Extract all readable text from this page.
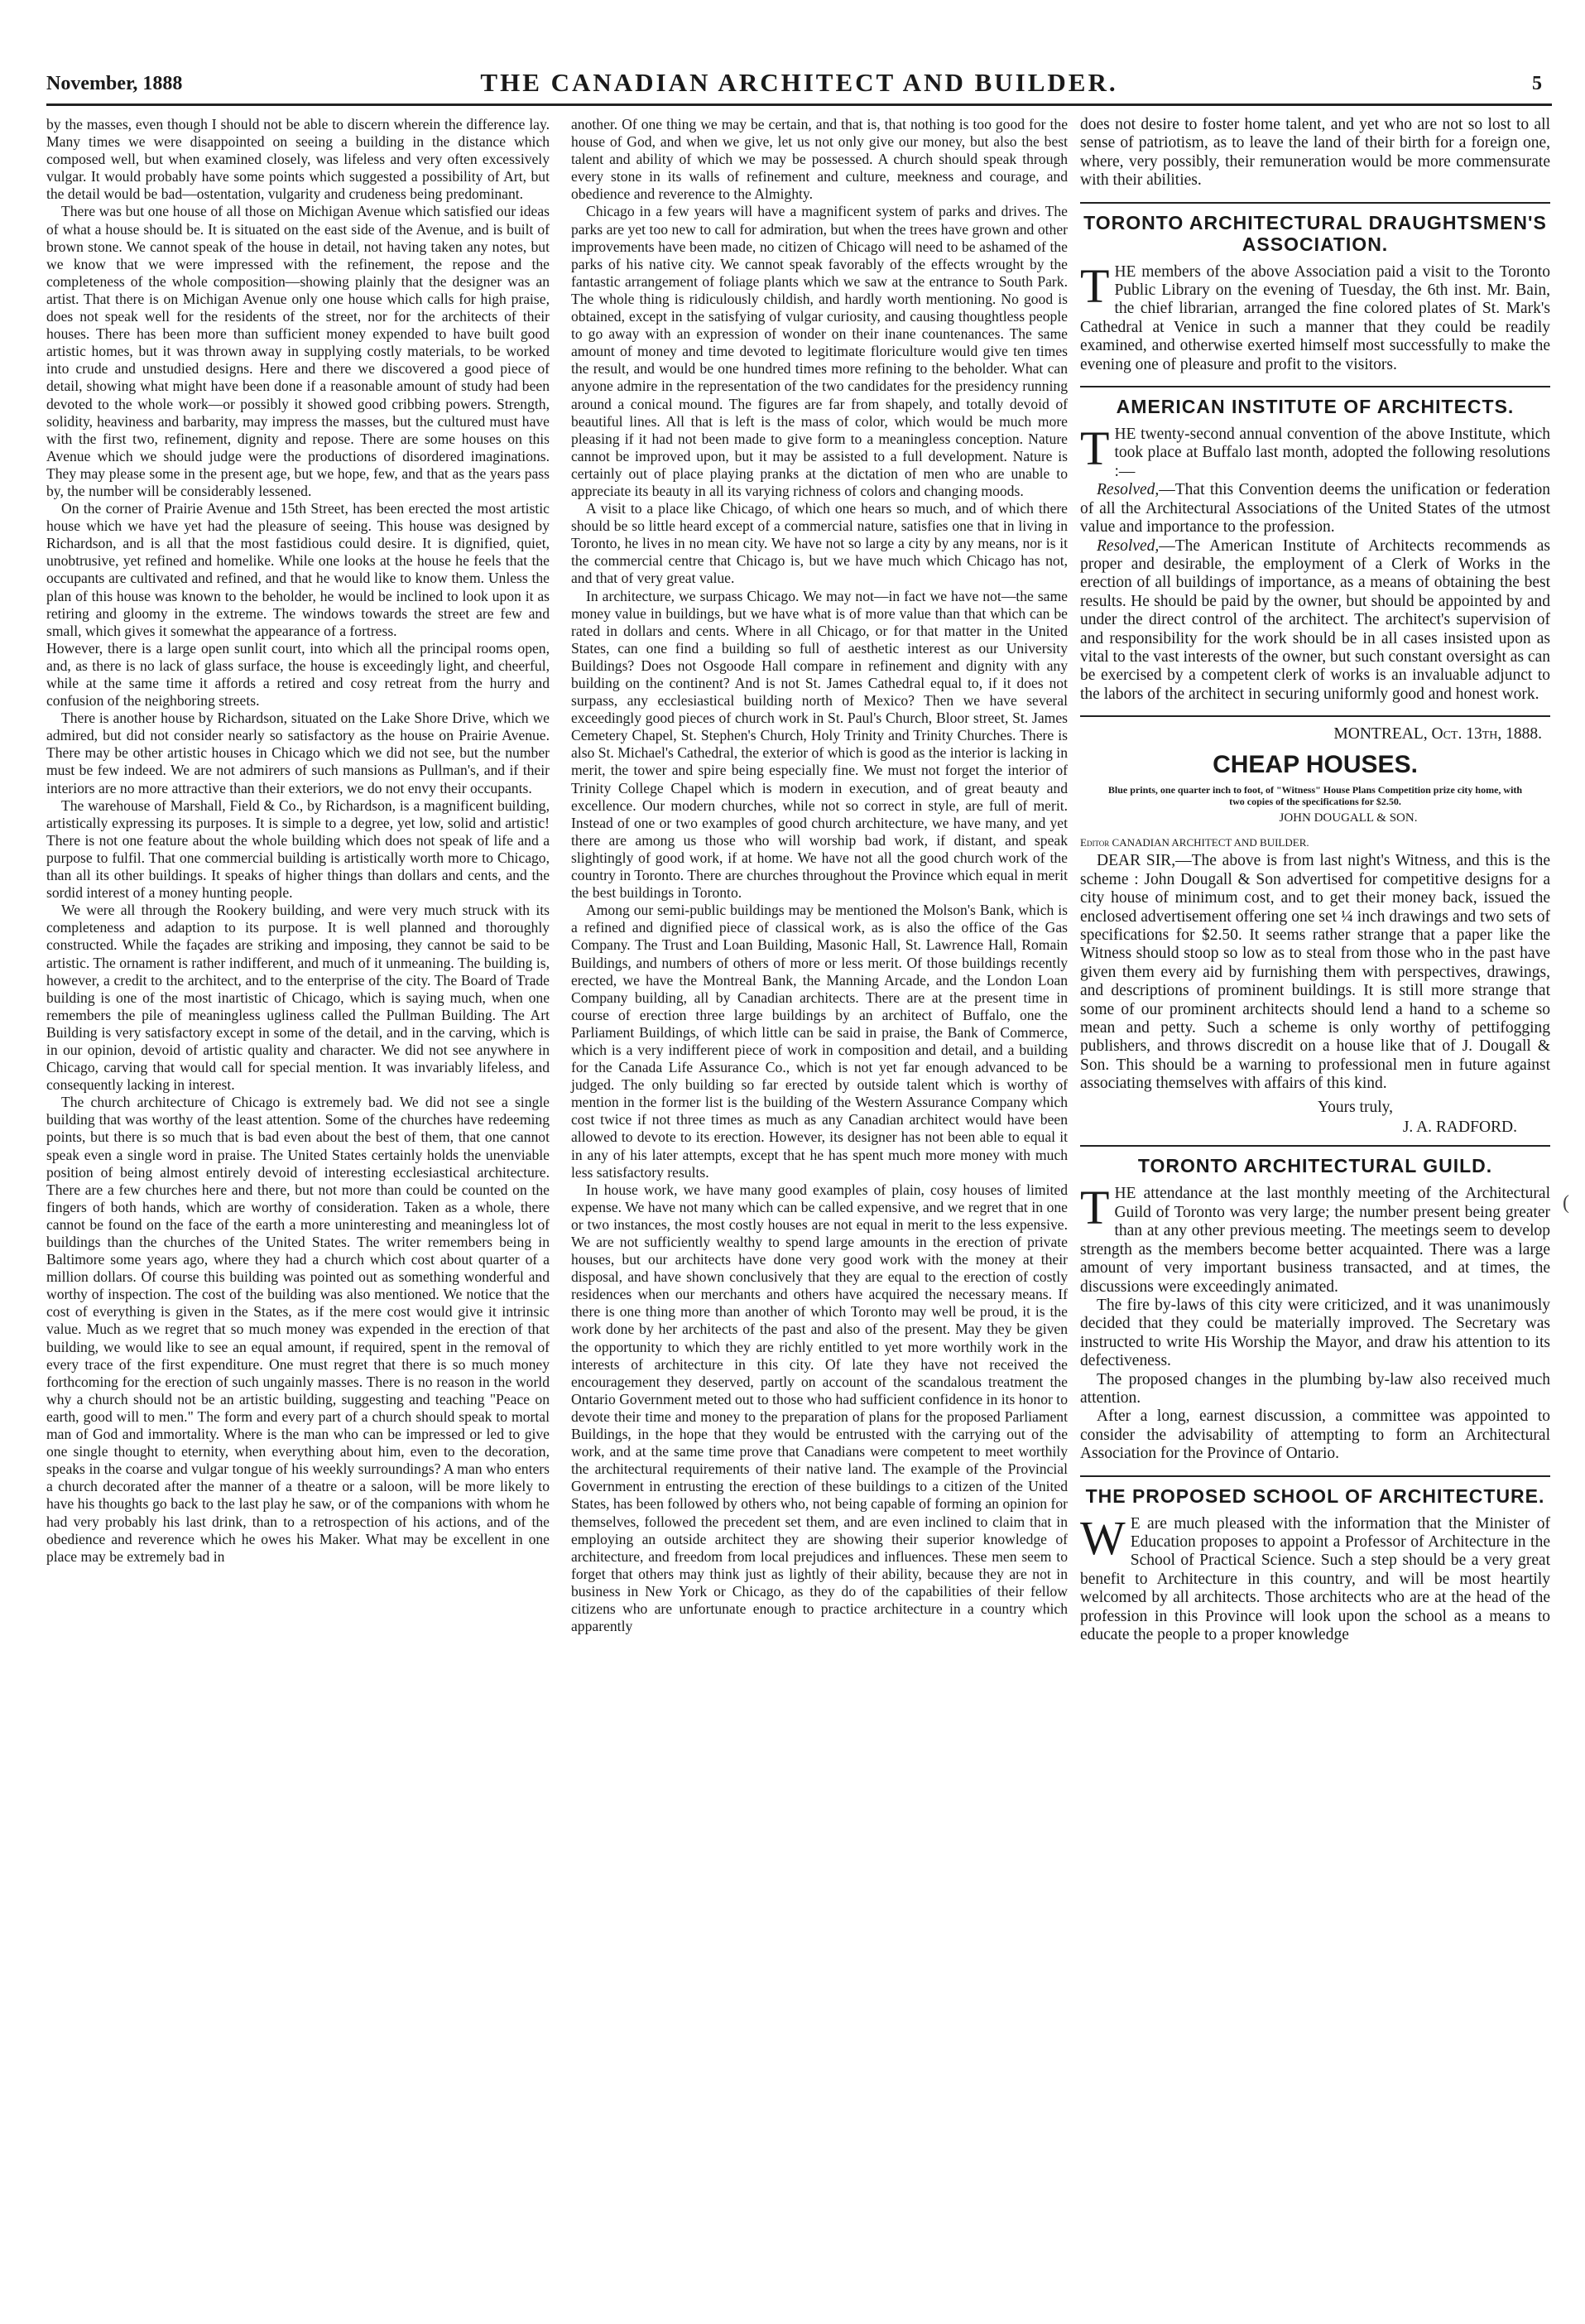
November, 1888	THE CANADIAN ARCHITECT AND BUILDER.	5

by the masses, even though I should not be able to discern wherein the difference lay. Many times we were disappointed on seeing a building in the distance which composed well, but when examined closely, was lifeless and very often excessively vulgar. It would probably have some points which suggested a possibility of Art, but the detail would be bad—ostentation, vulgarity and crudeness being predominant.

There was but one house of all those on Michigan Avenue which satisfied our ideas of what a house should be. It is situated on the east side of the Avenue, and is built of brown stone. We cannot speak of the house in detail, not having taken any notes, but we know that we were impressed with the refinement, the repose and the completeness of the whole composition—showing plainly that the designer was an artist. That there is on Michigan Avenue only one house which calls for high praise, does not speak well for the residents of the street, nor for the architects of their houses. There has been more than sufficient money expended to have built good artistic homes, but it was thrown away in supplying costly materials, to be worked into crude and unstudied designs. Here and there we discovered a good piece of detail, showing what might have been done if a reasonable amount of study had been devoted to the whole work—or possibly it showed good cribbing powers. Strength, solidity, heaviness and barbarity, may impress the masses, but the cultured must have with the first two, refinement, dignity and repose. There are some houses on this Avenue which we should judge were the productions of disordered imaginations. They may please some in the present age, but we hope, few, and that as the years pass by, the number will be considerably lessened.

On the corner of Prairie Avenue and 15th Street, has been erected the most artistic house which we have yet had the pleasure of seeing. This house was designed by Richardson, and is all that the most fastidious could desire. It is dignified, quiet, unobtrusive, yet refined and homelike. While one looks at the house he feels that the occupants are cultivated and refined, and that he would like to know them. Unless the plan of this house was known to the beholder, he would be inclined to look upon it as retiring and gloomy in the extreme. The windows towards the street are few and small, which gives it somewhat the appearance of a fortress.

However, there is a large open sunlit court, into which all the principal rooms open, and, as there is no lack of glass surface, the house is exceedingly light, and cheerful, while at the same time it affords a retired and cosy retreat from the hurry and confusion of the neighboring streets.

There is another house by Richardson, situated on the Lake Shore Drive, which we admired, but did not consider nearly so satisfactory as the house on Prairie Avenue. There may be other artistic houses in Chicago which we did not see, but the number must be few indeed. We are not admirers of such mansions as Pullman's, and if their interiors are no more attractive than their exteriors, we do not envy their occupants.

The warehouse of Marshall, Field & Co., by Richardson, is a magnificent building, artistically expressing its purposes. It is simple to a degree, yet low, solid and artistic! There is not one feature about the whole building which does not speak of life and a purpose to fulfil. That one commercial building is artistically worth more to Chicago, than all its other buildings. It speaks of higher things than dollars and cents, and the sordid interest of a money hunting people.

We were all through the Rookery building, and were very much struck with its completeness and adaption to its purpose. It is well planned and thoroughly constructed. While the façades are striking and imposing, they cannot be said to be artistic. The ornament is rather indifferent, and much of it unmeaning. The building is, however, a credit to the architect, and to the enterprise of the city. The Board of Trade building is one of the most inartistic of Chicago, which is saying much, when one remembers the pile of meaningless ugliness called the Pullman Building. The Art Building is very satisfactory except in some of the detail, and in the carving, which is in our opinion, devoid of artistic quality and character. We did not see anywhere in Chicago, carving that would call for special mention. It was invariably lifeless, and consequently lacking in interest.

The church architecture of Chicago is extremely bad. We did not see a single building that was worthy of the least attention. Some of the churches have redeeming points, but there is so much that is bad even about the best of them, that one cannot speak even a single word in praise. The United States certainly holds the unenviable position of being almost entirely devoid of interesting ecclesiastical architecture. There are a few churches here and there, but not more than could be counted on the fingers of both hands, which are worthy of consideration. Taken as a whole, there cannot be found on the face of the earth a more uninteresting and meaningless lot of buildings than the churches of the United States. The writer remembers being in Baltimore some years ago, where they had a church which cost about quarter of a million dollars. Of course this building was pointed out as something wonderful and worthy of inspection. The cost of the building was also mentioned. We notice that the cost of everything is given in the States, as if the mere cost would give it intrinsic value. Much as we regret that so much money was expended in the erection of that building, we would like to see an equal amount, if required, spent in the removal of every trace of the first expenditure. One must regret that there is so much money forthcoming for the erection of such ungainly masses. There is no reason in the world why a church should not be an artistic building, suggesting and teaching "Peace on earth, good will to men." The form and every part of a church should speak to mortal man of God and immortality. Where is the man who can be impressed or led to give one single thought to eternity, when everything about him, even to the decoration, speaks in the coarse and vulgar tongue of his weekly surroundings? A man who enters a church decorated after the manner of a theatre or a saloon, will be more likely to have his thoughts go back to the last play he saw, or of the companions with whom he had very probably his last drink, than to a retrospection of his actions, and of the obedience and reverence which he owes his Maker. What may be excellent in one place may be extremely bad in

another. Of one thing we may be certain, and that is, that nothing is too good for the house of God, and when we give, let us not only give our money, but also the best talent and ability of which we may be possessed. A church should speak through every stone in its walls of refinement and culture, meekness and courage, and obedience and reverence to the Almighty.

Chicago in a few years will have a magnificent system of parks and drives. The parks are yet too new to call for admiration, but when the trees have grown and other improvements have been made, no citizen of Chicago will need to be ashamed of the parks of his native city. We cannot speak favorably of the effects wrought by the fantastic arrangement of foliage plants which we saw at the entrance to South Park. The whole thing is ridiculously childish, and hardly worth mentioning. No good is obtained, except in the satisfying of vulgar curiosity, and causing thoughtless people to go away with an expression of wonder on their inane countenances. The same amount of money and time devoted to legitimate floriculture would give ten times the result, and would be one hundred times more refining to the beholder. What can anyone admire in the representation of the two candidates for the presidency running around a conical mound. The figures are far from shapely, and totally devoid of beautiful lines. All that is left is the mass of color, which would be much more pleasing if it had not been made to give form to a meaningless conception. Nature cannot be improved upon, but it may be assisted to a full development. Nature is certainly out of place playing pranks at the dictation of men who are unable to appreciate its beauty in all its varying richness of colors and changing moods.

A visit to a place like Chicago, of which one hears so much, and of which there should be so little heard except of a commercial nature, satisfies one that in living in Toronto, he lives in no mean city. We have not so large a city by any means, nor is it the commercial centre that Chicago is, but we have much which Chicago has not, and that of very great value.

In architecture, we surpass Chicago. We may not—in fact we have not—the same money value in buildings, but we have what is of more value than that which can be rated in dollars and cents. Where in all Chicago, or for that matter in the United States, can one find a building so full of aesthetic interest as our University Buildings? Does not Osgoode Hall compare in refinement and dignity with any building on the continent? And is not St. James Cathedral equal to, if it does not surpass, any ecclesiastical building north of Mexico? Then we have several exceedingly good pieces of church work in St. Paul's Church, Bloor street, St. James Cemetery Chapel, St. Stephen's Church, Holy Trinity and Trinity Churches. There is also St. Michael's Cathedral, the exterior of which is good as the interior is lacking in merit, the tower and spire being especially fine. We must not forget the interior of Trinity College Chapel which is modern in execution, and of great beauty and excellence. Our modern churches, while not so correct in style, are full of merit. Instead of one or two examples of good church architecture, we have many, and yet there are among us those who will worship bad work, if distant, and speak slightingly of good work, if at home. We have not all the good church work of the country in Toronto. There are churches throughout the Province which equal in merit the best buildings in Toronto.

Among our semi-public buildings may be mentioned the Molson's Bank, which is a refined and dignified piece of classical work, as is also the office of the Gas Company. The Trust and Loan Building, Masonic Hall, St. Lawrence Hall, Romain Buildings, and numbers of others of more or less merit. Of those buildings recently erected, we have the Montreal Bank, the Manning Arcade, and the London Loan Company building, all by Canadian architects. There are at the present time in course of erection three large buildings by an architect of Buffalo, one the Parliament Buildings, of which little can be said in praise, the Bank of Commerce, which is a very indifferent piece of work in composition and detail, and a building for the Canada Life Assurance Co., which is not yet far enough advanced to be judged. The only building so far erected by outside talent which is worthy of mention in the former list is the building of the Western Assurance Company which cost twice if not three times as much as any Canadian architect would have been allowed to devote to its erection. However, its designer has not been able to equal it in any of his later attempts, except that he has spent much more money with much less satisfactory results.

In house work, we have many good examples of plain, cosy houses of limited expense. We have not many which can be called expensive, and we regret that in one or two instances, the most costly houses are not equal in merit to the less expensive. We are not sufficiently wealthy to spend large amounts in the erection of private houses, but our architects have done very good work with the money at their disposal, and have shown conclusively that they are equal to the erection of costly residences when our merchants and others have acquired the necessary means. If there is one thing more than another of which Toronto may well be proud, it is the work done by her architects of the past and also of the present. May they be given the opportunity to which they are richly entitled to yet more worthily work in the interests of architecture in this city. Of late they have not received the encouragement they deserved, partly on account of the scandalous treatment the Ontario Government meted out to those who had sufficient confidence in its honor to devote their time and money to the preparation of plans for the proposed Parliament Buildings, in the hope that they would be entrusted with the carrying out of the work, and at the same time prove that Canadians were competent to meet worthily the architectural requirements of their native land. The example of the Provincial Government in entrusting the erection of these buildings to a citizen of the United States, has been followed by others who, not being capable of forming an opinion for themselves, followed the precedent set them, and are even inclined to claim that in employing an outside architect they are showing their superior knowledge of architecture, and freedom from local prejudices and influences. These men seem to forget that others may think just as lightly of their ability, because they are not in business in New York or Chicago, as they do of the capabilities of their fellow citizens who are unfortunate enough to practice architecture in a country which apparently

does not desire to foster home talent, and yet who are not so lost to all sense of patriotism, as to leave the land of their birth for a foreign one, where, very possibly, their remuneration would be more commensurate with their abilities.

TORONTO ARCHITECTURAL DRAUGHTSMEN'S ASSOCIATION.

THE members of the above Association paid a visit to the Toronto Public Library on the evening of Tuesday, the 6th inst. Mr. Bain, the chief librarian, arranged the fine colored plates of St. Mark's Cathedral at Venice in such a manner that they could be readily examined, and otherwise exerted himself most successfully to make the evening one of pleasure and profit to the visitors.

AMERICAN INSTITUTE OF ARCHITECTS.

THE twenty-second annual convention of the above Institute, which took place at Buffalo last month, adopted the following resolutions :—

Resolved,—That this Convention deems the unification or federation of all the Architectural Associations of the United States of the utmost value and importance to the profession.

Resolved,—The American Institute of Architects recommends as proper and desirable, the employment of a Clerk of Works in the erection of all buildings of importance, as a means of obtaining the best results. He should be paid by the owner, but should be appointed by and under the direct control of the architect. The architect's supervision of and responsibility for the work should be in all cases insisted upon as vital to the vast interests of the owner, but such constant oversight as can be exercised by a competent clerk of works is an invaluable adjunct to the labors of the architect in securing uniformly good and honest work.

MONTREAL, Oct. 13th, 1888.
CHEAP HOUSES.
Blue prints, one quarter inch to foot, of "Witness" House Plans Competition prize city home, with two copies of the specifications for $2.50.
JOHN DOUGALL & SON.

Editor CANADIAN ARCHITECT AND BUILDER.

DEAR SIR,—The above is from last night's Witness, and this is the scheme : John Dougall & Son advertised for competitive designs for a city house of minimum cost, and to get their money back, issued the enclosed advertisement offering one set ¼ inch drawings and two sets of specifications for $2.50. It seems rather strange that a paper like the Witness should stoop so low as to steal from those who in the past have given them every aid by furnishing them with perspectives, drawings, and descriptions of prominent buildings. It is still more strange that some of our prominent architects should lend a hand to a scheme so mean and petty. Such a scheme is only worthy of pettifogging publishers, and throws discredit on a house like that of J. Dougall & Son. This should be a warning to professional men in future against associating themselves with affairs of this kind.

Yours truly,
J. A. RADFORD.
TORONTO ARCHITECTURAL GUILD.

THE attendance at the last monthly meeting of the Architectural Guild of Toronto was very large; the number present being greater than at any other previous meeting. The meetings seem to develop strength as the members become better acquainted. There was a large amount of very important business transacted, and at times, the discussions were exceedingly animated.

The fire by-laws of this city were criticized, and it was unanimously decided that they could be materially improved. The Secretary was instructed to write His Worship the Mayor, and draw his attention to its defectiveness.

The proposed changes in the plumbing by-law also received much attention.

After a long, earnest discussion, a committee was appointed to consider the advisability of attempting to form an Architectural Association for the Province of Ontario.

THE PROPOSED SCHOOL OF ARCHITECTURE.

W E are much pleased with the information that the Minister of Education proposes to appoint a Professor of Architecture in the School of Practical Science. Such a step should be a very great benefit to Architecture in this country, and will be most heartily welcomed by all architects. Those architects who are at the head of the profession in this Province will look upon the school as a means to educate the people to a proper knowledge

(
